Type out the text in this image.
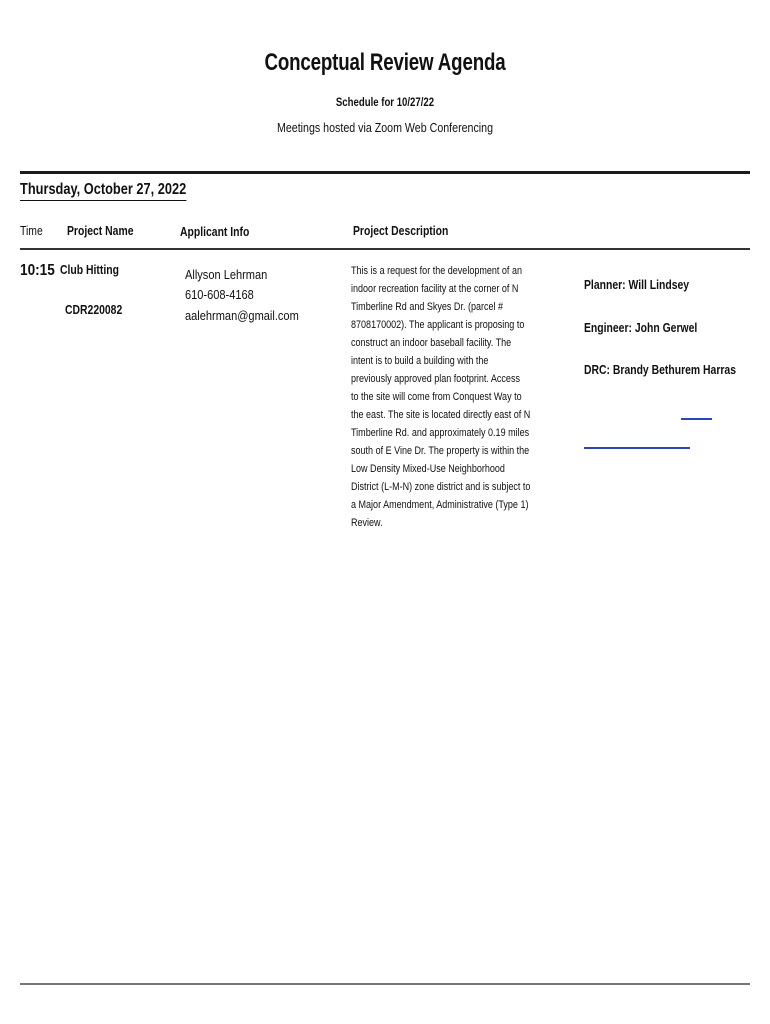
Conceptual Review Agenda
Schedule for 10/27/22
Meetings hosted via Zoom Web Conferencing
Thursday, October 27, 2022
Time Project Name	Applicant Info	Project Description
10:15 Club Hitting
CDR220082
Allyson Lehrman
610-608-4168
aalehrman@gmail.com
This is a request for the development of an
indoor recreation facility at the corner of N
Timberline Rd and Skyes Dr. (parcel #
8708170002). The applicant is proposing to
construct an indoor baseball facility. The
intent is to build a building with the
previously approved plan footprint. Access
to the site will come from Conquest Way to
the east. The site is located directly east of N
Timberline Rd. and approximately 0.19 miles
south of E Vine Dr. The property is within the
Low Density Mixed-Use Neighborhood
District (L-M-N) zone district and is subject to
a Major Amendment, Administrative (Type 1)
Review.
Planner: Will Lindsey
Engineer: John Gerwel
DRC: Brandy Bethurem Harras
